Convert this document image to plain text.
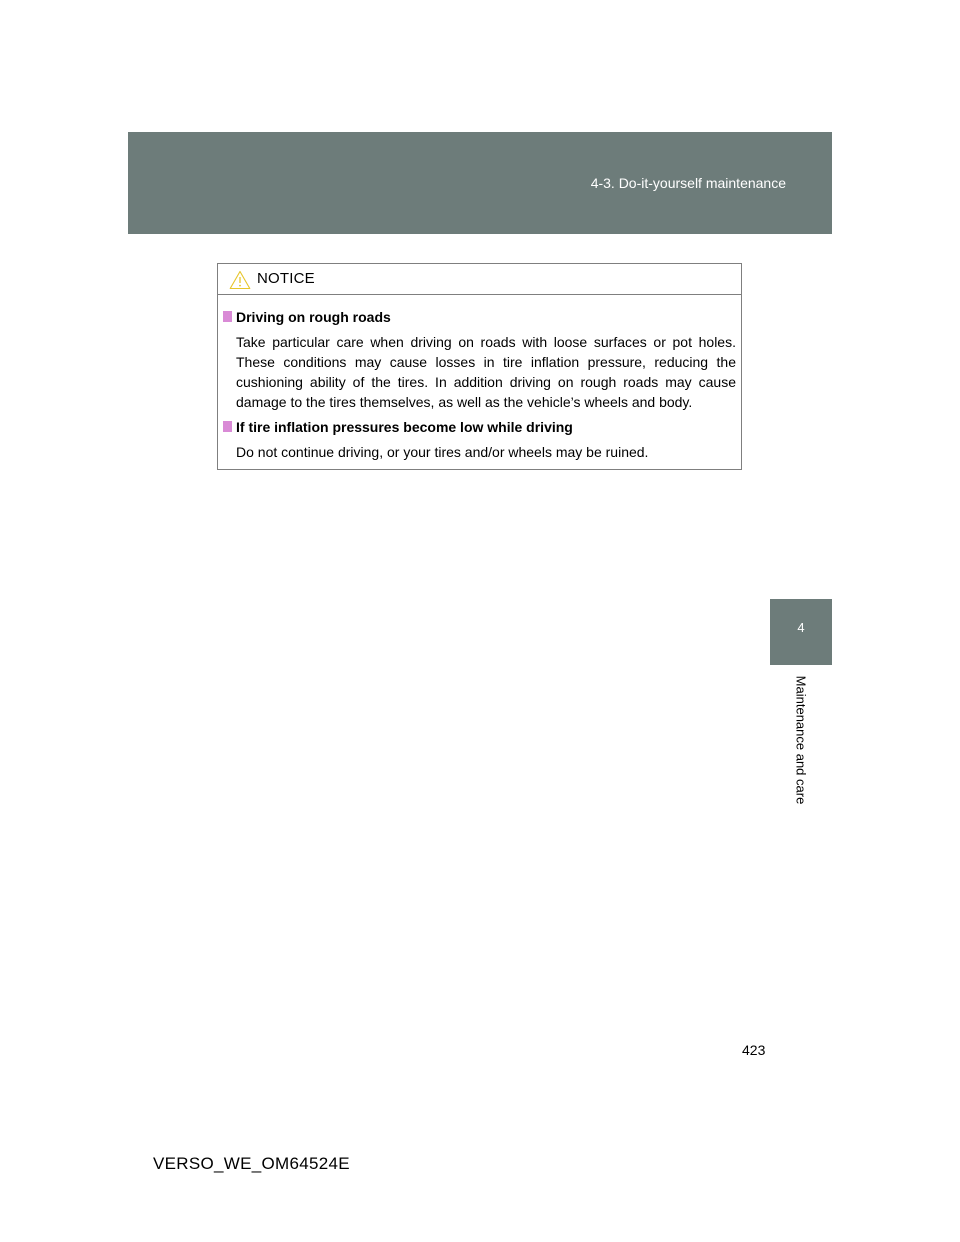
4-3. Do-it-yourself maintenance
4
Maintenance and care
NOTICE
Driving on rough roads
Take particular care when driving on roads with loose surfaces or pot holes. These conditions may cause losses in tire inflation pressure, reducing the cushioning ability of the tires. In addition driving on rough roads may cause damage to the tires themselves, as well as the vehicle’s wheels and body.
If tire inflation pressures become low while driving
Do not continue driving, or your tires and/or wheels may be ruined.
423
VERSO_WE_OM64524E
